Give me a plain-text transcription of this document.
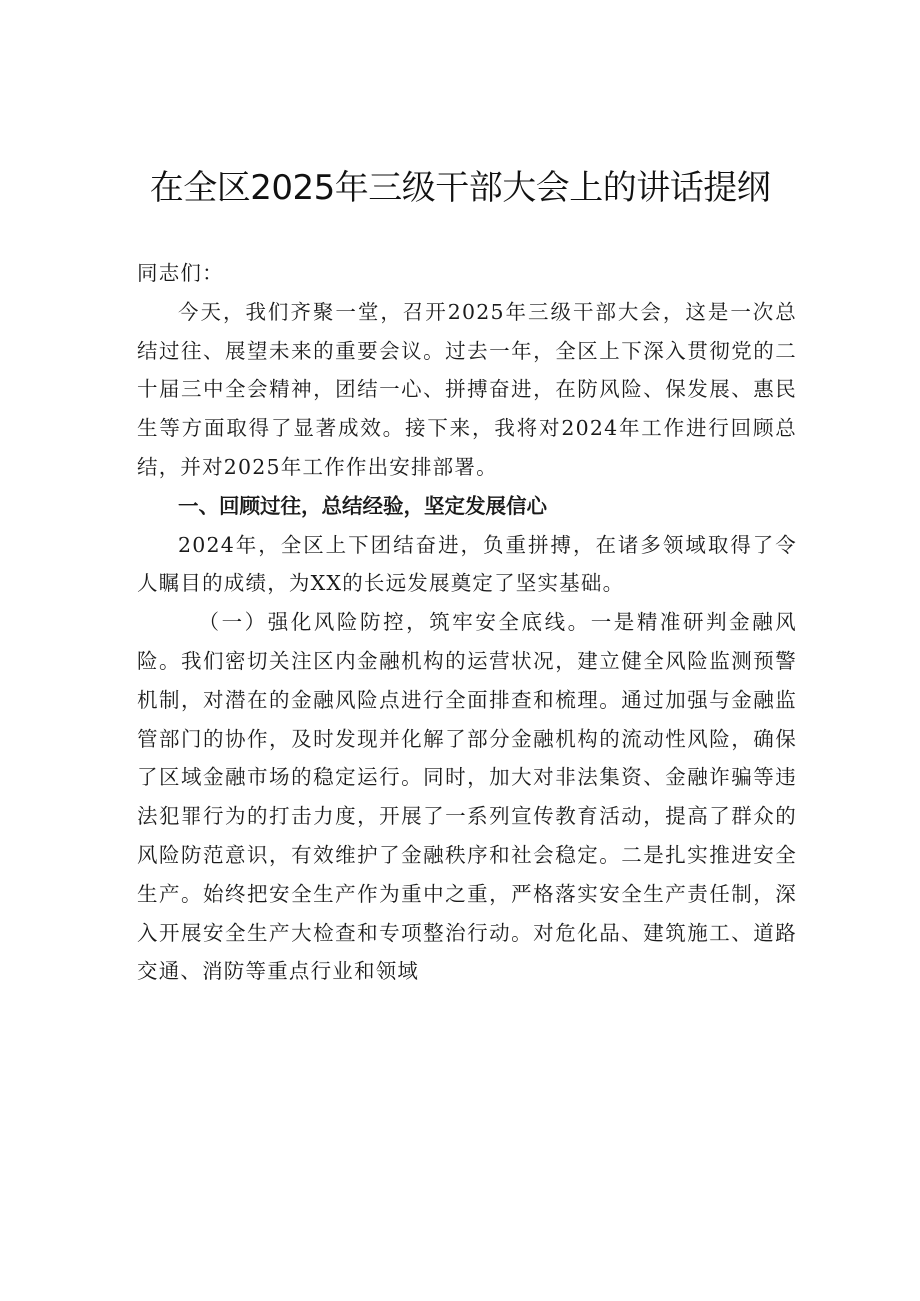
在全区2025年三级干部大会上的讲话提纲

同志们：

今天，我们齐聚一堂，召开2025年三级干部大会，这是一次总结过往、展望未来的重要会议。过去一年，全区上下深入贯彻党的二十届三中全会精神，团结一心、拼搏奋进，在防风险、保发展、惠民生等方面取得了显著成效。接下来，我将对2024年工作进行回顾总结，并对2025年工作作出安排部署。

一、回顾过往，总结经验，坚定发展信心

2024年，全区上下团结奋进，负重拼搏，在诸多领域取得了令人瞩目的成绩，为XX的长远发展奠定了坚实基础。

（一）强化风险防控，筑牢安全底线。一是精准研判金融风险。我们密切关注区内金融机构的运营状况，建立健全风险监测预警机制，对潜在的金融风险点进行全面排查和梳理。通过加强与金融监管部门的协作，及时发现并化解了部分金融机构的流动性风险，确保了区域金融市场的稳定运行。同时，加大对非法集资、金融诈骗等违法犯罪行为的打击力度，开展了一系列宣传教育活动，提高了群众的风险防范意识，有效维护了金融秩序和社会稳定。二是扎实推进安全生产。始终把安全生产作为重中之重，严格落实安全生产责任制，深入开展安全生产大检查和专项整治行动。对危化品、建筑施工、道路交通、消防等重点行业和领域
